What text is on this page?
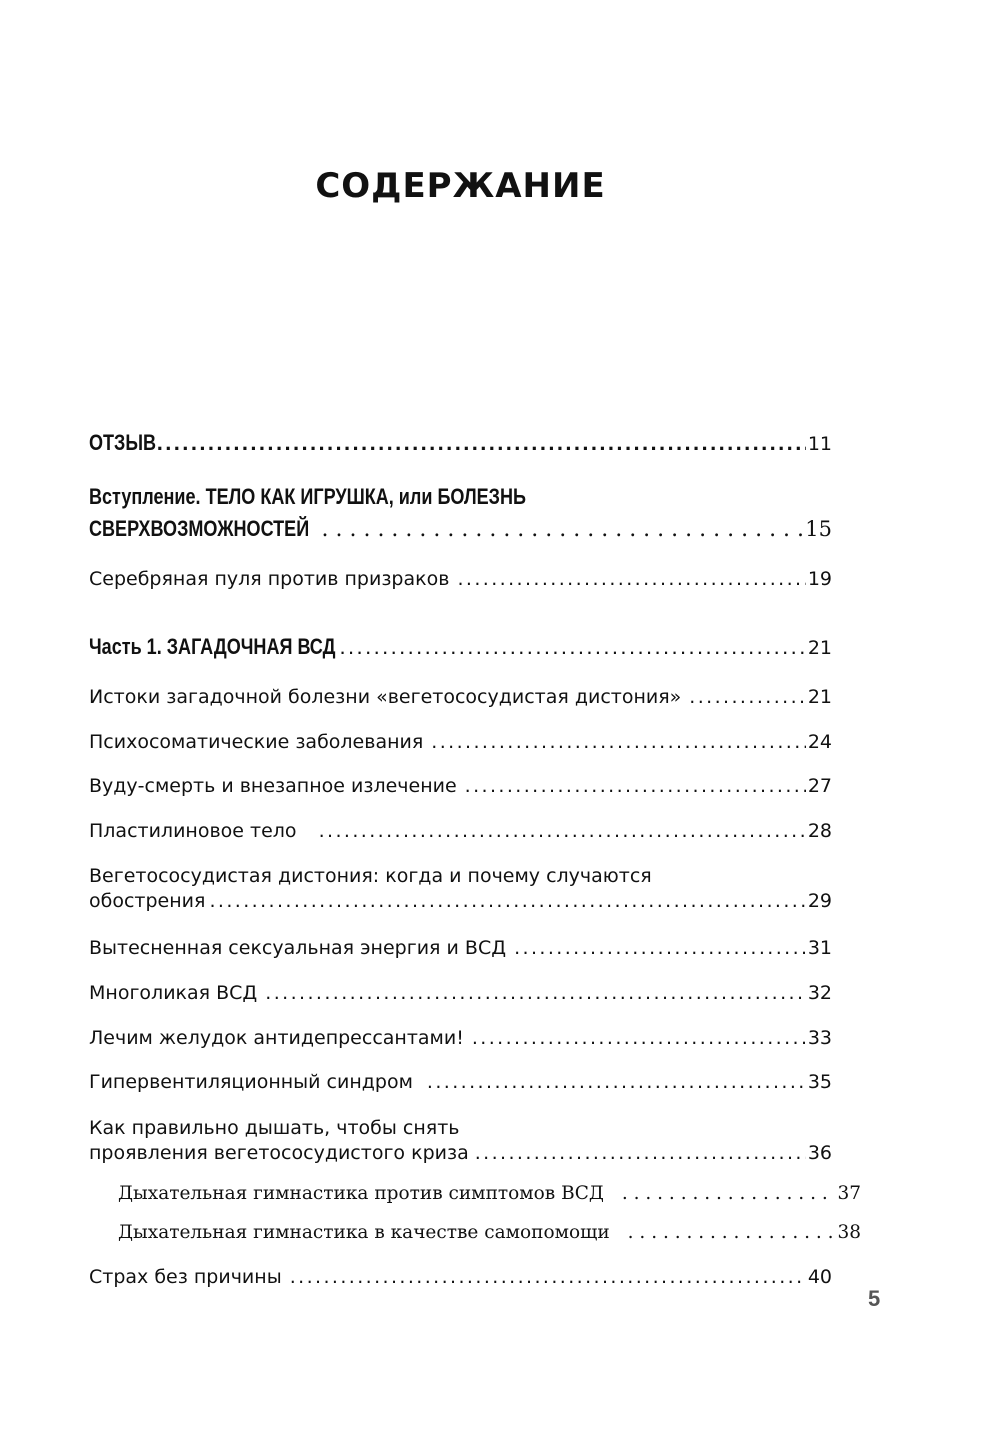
СОДЕРЖАНИЕ
ОТЗЫВ .....	11
Вступление. ТЕЛО КАК ИГРУШКА, или БОЛЕЗНЬ
СВЕРХВОЗМОЖНОСТЕЙ . . .	15
Серебряная пуля против призраков .....	19
Часть 1. ЗАГАДОЧНАЯ ВСД .....	21
Истоки загадочной болезни «вегетососудистая дистония» .....	21
Психосоматические заболевания .....	24
Вуду-смерть и внезапное излечение .....	27
Пластилиновое тело .....	28
Вегетососудистая дистония: когда и почему случаются
обострения .....	29
Вытесненная сексуальная энергия и ВСД .....	31
Многоликая ВСД .....	32
Лечим желудок антидепрессантами! .....	33
Гипервентиляционный синдром .....	35
Как правильно дышать, чтобы снять
проявления вегетососудистого криза .....	36
Дыхательная гимнастика против симптомов ВСД . . .	37
Дыхательная гимнастика в качестве самопомощи . . .	38
Страх без причины .....	40
5
